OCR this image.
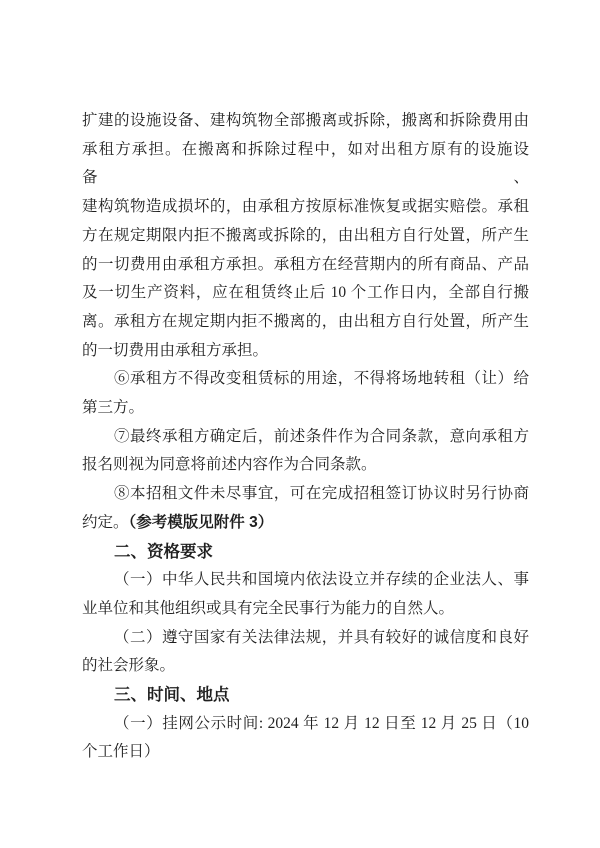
扩建的设施设备、建构筑物全部搬离或拆除，搬离和拆除费用由
承租方承担。在搬离和拆除过程中，如对出租方原有的设施设备、
建构筑物造成损坏的，由承租方按原标准恢复或据实赔偿。承租
方在规定期限内拒不搬离或拆除的，由出租方自行处置，所产生
的一切费用由承租方承担。承租方在经营期内的所有商品、产品
及一切生产资料，应在租赁终止后 10 个工作日内，全部自行搬
离。承租方在规定期内拒不搬离的，由出租方自行处置，所产生
的一切费用由承租方承担。
⑥承租方不得改变租赁标的用途，不得将场地转租（让）给
第三方。
⑦最终承租方确定后，前述条件作为合同条款，意向承租方
报名则视为同意将前述内容作为合同条款。
⑧本招租文件未尽事宜，可在完成招租签订协议时另行协商
约定。（参考模版见附件 3）
二、资格要求
（一）中华人民共和国境内依法设立并存续的企业法人、事
业单位和其他组织或具有完全民事行为能力的自然人。
（二）遵守国家有关法律法规，并具有较好的诚信度和良好
的社会形象。
三、时间、地点
（一）挂网公示时间: 2024 年 12 月 12 日至 12 月 25 日（10
个工作日）
